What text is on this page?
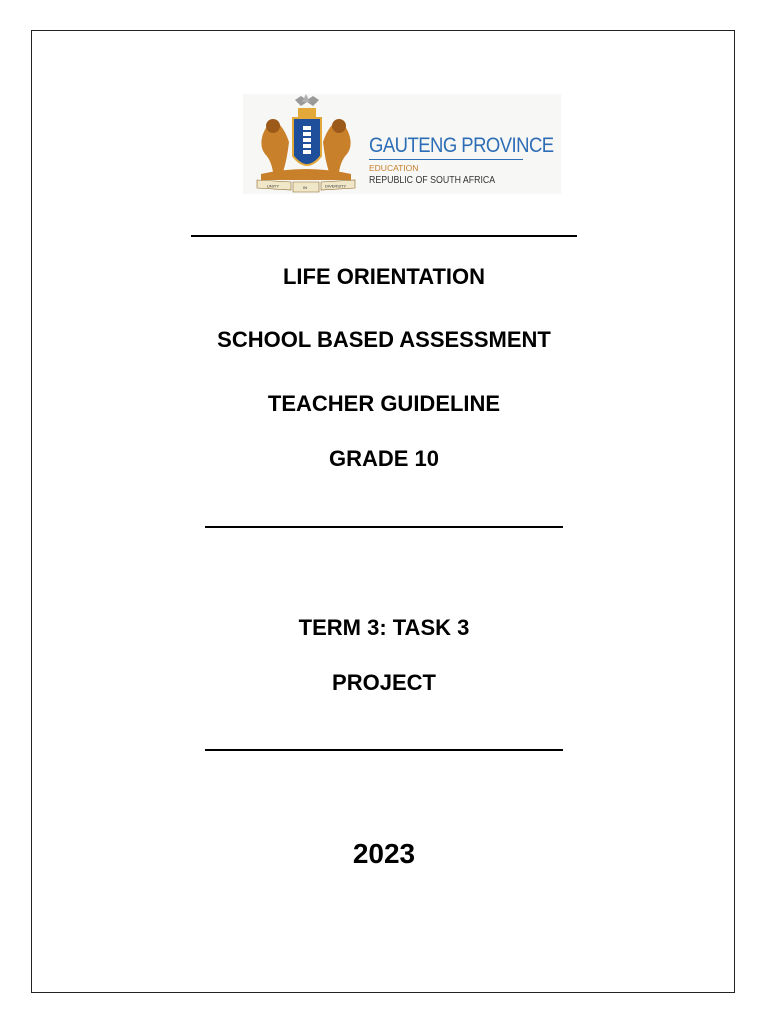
UNITY	IN	DIVERSITY
GAUTENG PROVINCE
EDUCATION
REPUBLIC OF SOUTH AFRICA
LIFE ORIENTATION
SCHOOL BASED ASSESSMENT
TEACHER GUIDELINE
GRADE 10
TERM 3: TASK 3
PROJECT
2023
